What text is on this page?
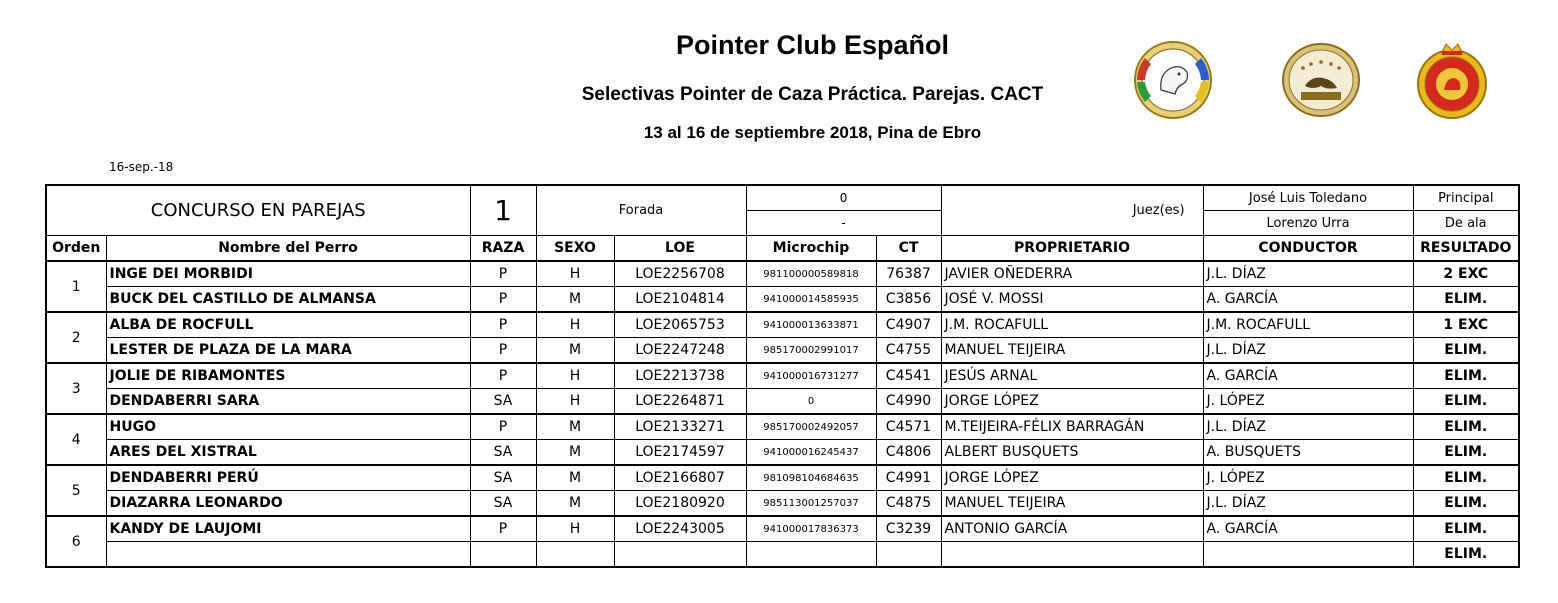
Pointer Club Español
Selectivas Pointer de Caza Práctica. Parejas. CACT
13 al 16 de septiembre 2018, Pina de Ebro
16-sep.-18
CONCURSO EN PAREJAS		1	Forada		0		Juez(es)	José Luis Toledano	Principal
					-			Lorenzo Urra	De ala
Orden	Nombre del Perro	RAZA	SEXO	LOE	Microchip	CT	PROPRIETARIO	CONDUCTOR	RESULTADO
1	INGE DEI MORBIDI	P	H	LOE2256708	981100000589818	76387	JAVIER OÑEDERRA	J.L. DÍAZ	2 EXC
	BUCK DEL CASTILLO DE ALMANSA	P	M	LOE2104814	941000014585935	C3856	JOSÉ V. MOSSI	A. GARCÍA	ELIM.
2	ALBA DE ROCFULL	P	H	LOE2065753	941000013633871	C4907	J.M. ROCAFULL	J.M. ROCAFULL	1 EXC
	LESTER DE PLAZA DE LA MARA	P	M	LOE2247248	985170002991017	C4755	MANUEL TEIJEIRA	J.L. DÍAZ	ELIM.
3	JOLIE DE RIBAMONTES	P	H	LOE2213738	941000016731277	C4541	JESÚS ARNAL	A. GARCÍA	ELIM.
	DENDABERRI SARA	SA	H	LOE2264871	0	C4990	JORGE LÓPEZ	J. LÓPEZ	ELIM.
4	HUGO	P	M	LOE2133271	985170002492057	C4571	M.TEIJEIRA-FÉLIX BARRAGÁN	J.L. DÍAZ	ELIM.
	ARES DEL XISTRAL	SA	M	LOE2174597	941000016245437	C4806	ALBERT BUSQUETS	A. BUSQUETS	ELIM.
5	DENDABERRI PERÚ	SA	M	LOE2166807	981098104684635	C4991	JORGE LÓPEZ	J. LÓPEZ	ELIM.
	DIAZARRA LEONARDO	SA	M	LOE2180920	985113001257037	C4875	MANUEL TEIJEIRA	J.L. DÍAZ	ELIM.
6	KANDY DE LAUJOMI	P	H	LOE2243005	941000017836373	C3239	ANTONIO GARCÍA	A. GARCÍA	ELIM.
									ELIM.
